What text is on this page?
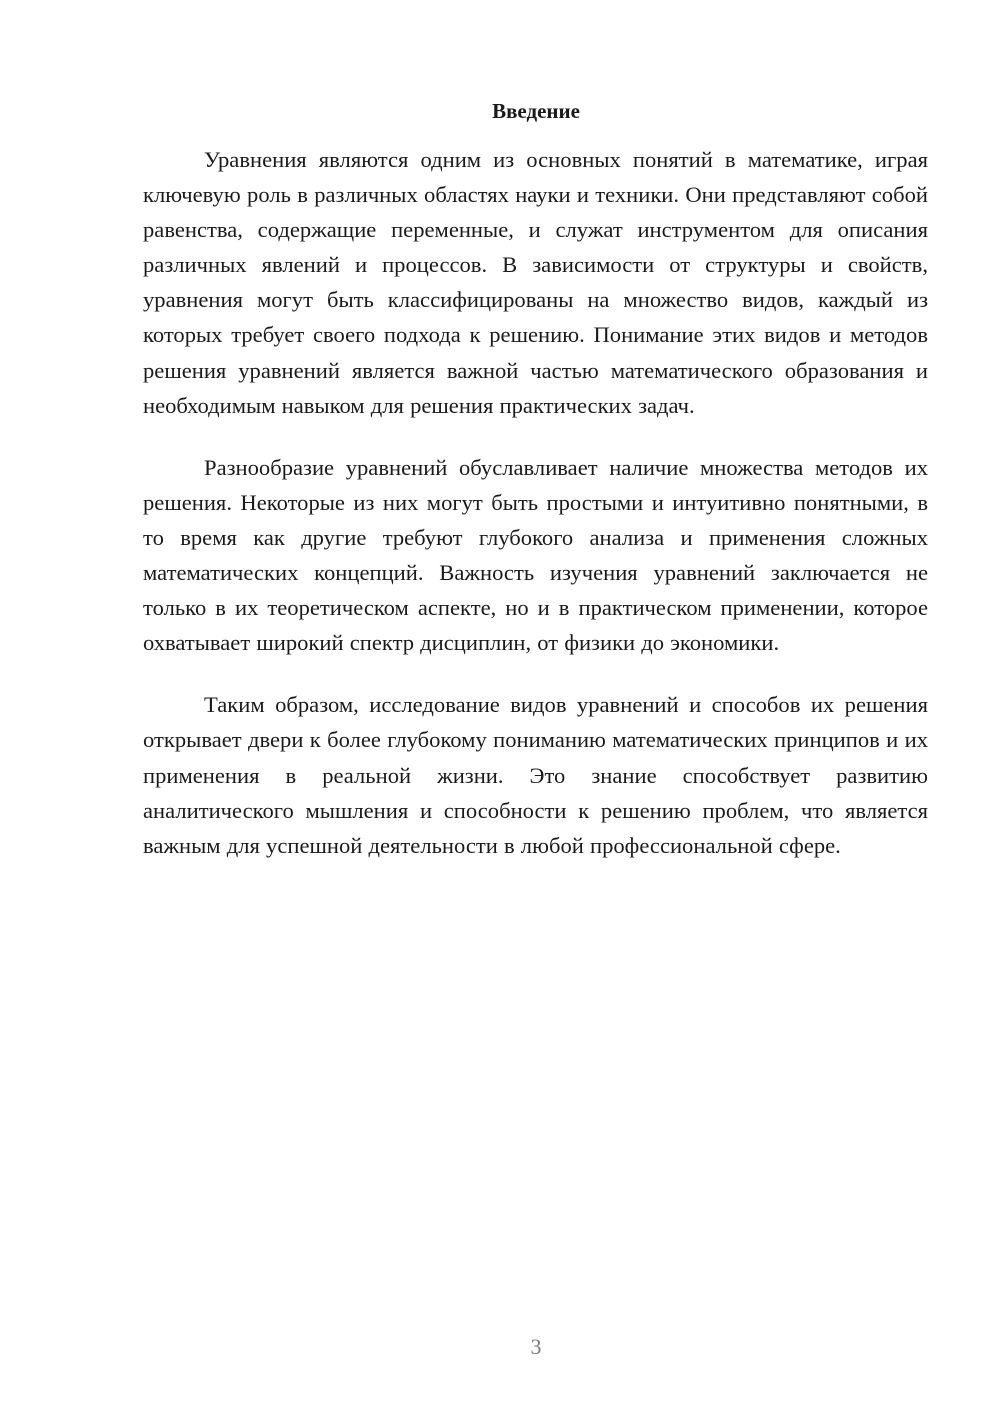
Введение

Уравнения являются одним из основных понятий в математике, играя ключевую роль в различных областях науки и техники. Они представляют собой равенства, содержащие переменные, и служат инструментом для описания различных явлений и процессов. В зависимости от структуры и свойств, уравнения могут быть классифицированы на множество видов, каждый из которых требует своего подхода к решению. Понимание этих видов и методов решения уравнений является важной частью математического образования и необходимым навыком для решения практических задач.

Разнообразие уравнений обуславливает наличие множества методов их решения. Некоторые из них могут быть простыми и интуитивно понятными, в то время как другие требуют глубокого анализа и применения сложных математических концепций. Важность изучения уравнений заключается не только в их теоретическом аспекте, но и в практическом применении, которое охватывает широкий спектр дисциплин, от физики до экономики.

Таким образом, исследование видов уравнений и способов их решения открывает двери к более глубокому пониманию математических принципов и их применения в реальной жизни. Это знание способствует развитию аналитического мышления и способности к решению проблем, что является важным для успешной деятельности в любой профессиональной сфере.

3
